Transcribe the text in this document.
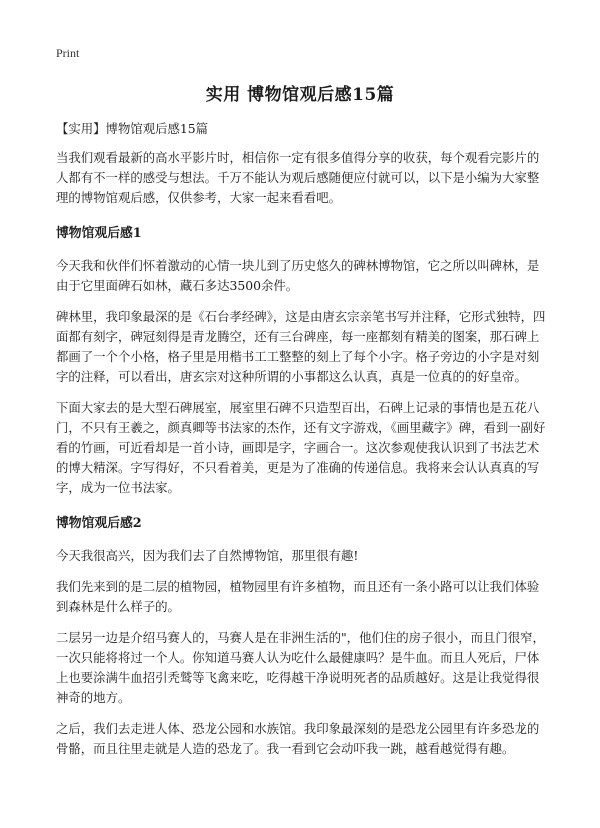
Print
实用 博物馆观后感15篇

【实用】博物馆观后感15篇

当我们观看最新的高水平影片时，相信你一定有很多值得分享的收获，每个观看完影片的人都有不一样的感受与想法。千万不能认为观后感随便应付就可以，以下是小编为大家整理的博物馆观后感，仅供参考，大家一起来看看吧。

博物馆观后感1

今天我和伙伴们怀着激动的心情一块儿到了历史悠久的碑林博物馆，它之所以叫碑林，是由于它里面碑石如林，藏石多达3500余件。

碑林里，我印象最深的是《石台孝经碑》，这是由唐玄宗亲笔书写并注释，它形式独特，四面都有刻字，碑冠刻得是青龙腾空，还有三台碑座，每一座都刻有精美的图案，那石碑上都画了一个个小格，格子里是用楷书工工整整的刻上了每个小字。格子旁边的小字是对刻字的注释，可以看出，唐玄宗对这种所谓的小事都这么认真，真是一位真的的好皇帝。

下面大家去的是大型石碑展室，展室里石碑不只造型百出，石碑上记录的事情也是五花八门，不只有王羲之，颜真卿等书法家的杰作，还有文字游戏，《画里藏字》碑，看到一副好看的竹画，可近看却是一首小诗，画即是字，字画合一。这次参观使我认识到了书法艺术的博大精深。字写得好，不只看着美，更是为了准确的传递信息。我将来会认认真真的写字，成为一位书法家。

博物馆观后感2

今天我很高兴，因为我们去了自然博物馆，那里很有趣!

我们先来到的是二层的植物园，植物园里有许多植物，而且还有一条小路可以让我们体验到森林是什么样子的。

二层另一边是介绍马赛人的，马赛人是在非洲生活的"，他们住的房子很小，而且门很窄，一次只能将将过一个人。你知道马赛人认为吃什么最健康吗？是牛血。而且人死后，尸体上也要涂满牛血招引秃鹫等飞禽来吃，吃得越干净说明死者的品质越好。这是让我觉得很神奇的地方。

之后，我们去走进人体、恐龙公园和水族馆。我印象最深刻的是恐龙公园里有许多恐龙的骨骼，而且往里走就是人造的恐龙了。我一看到它会动吓我一跳，越看越觉得有趣。
